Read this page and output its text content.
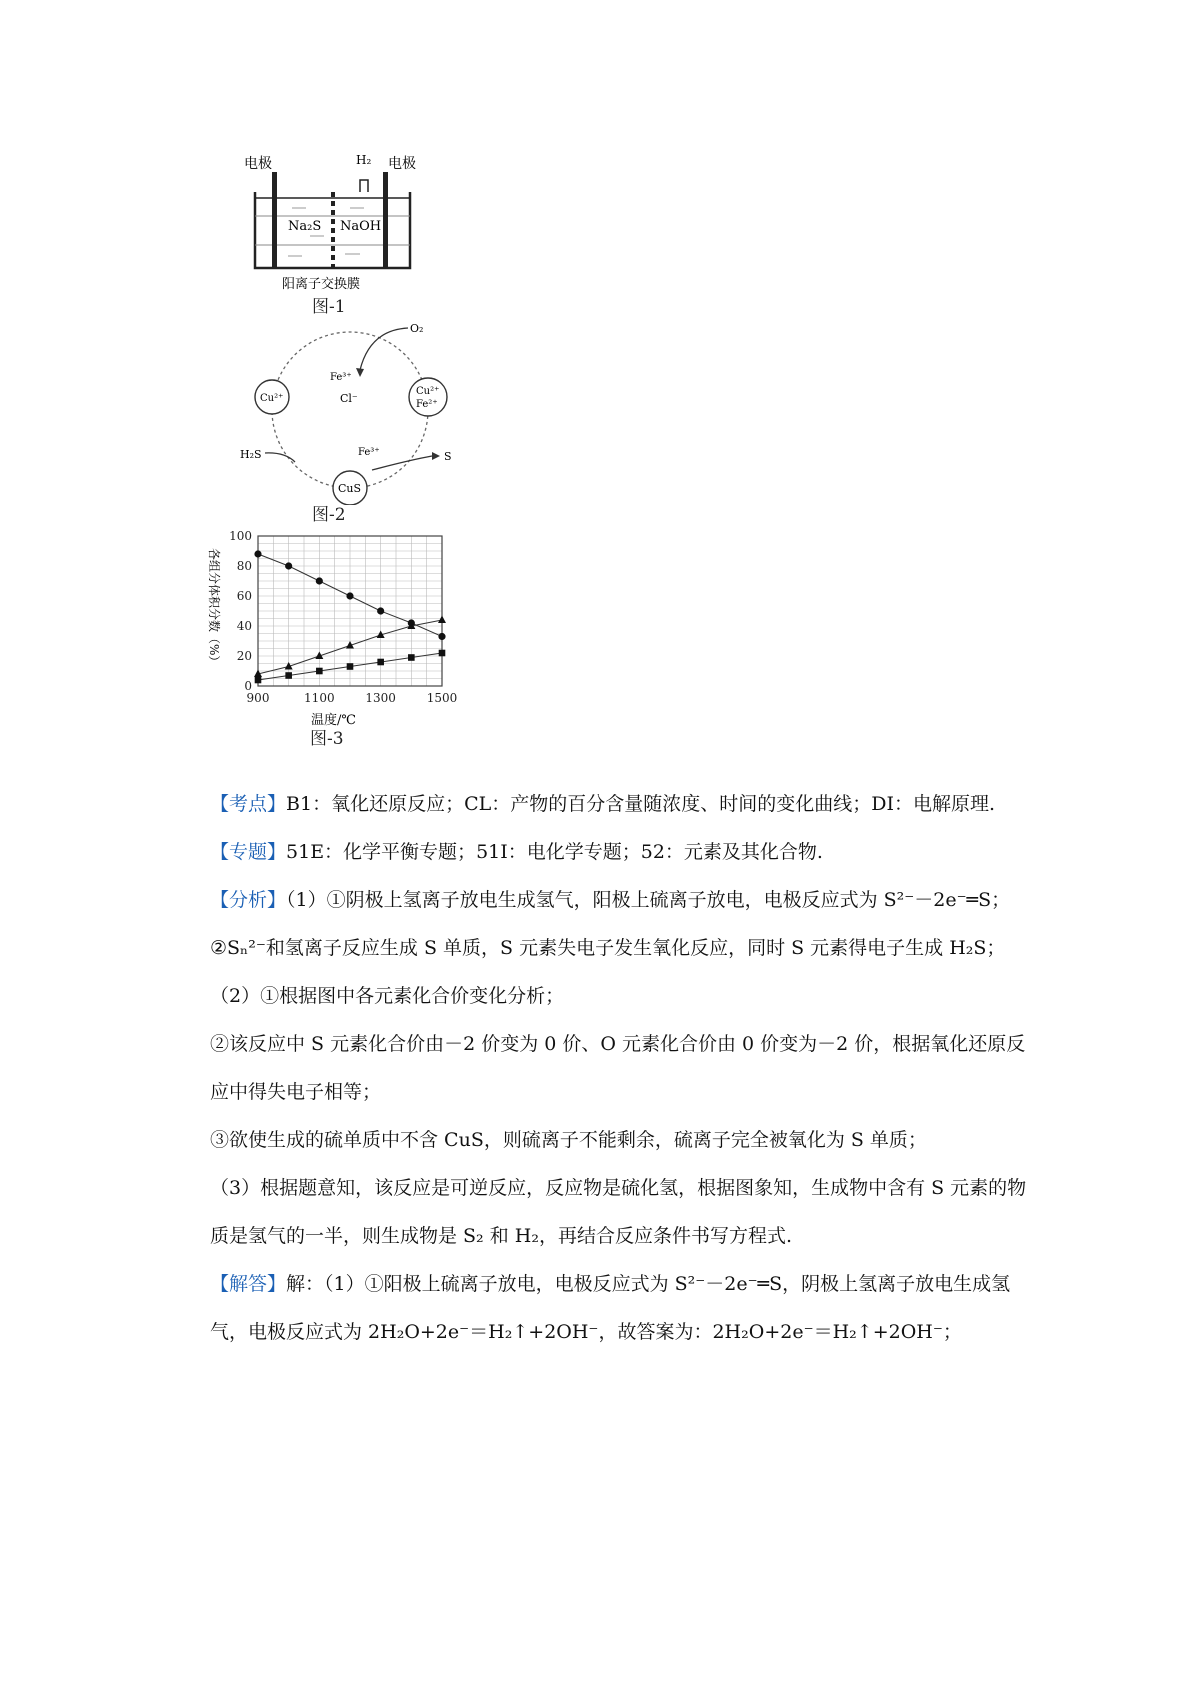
电极	H₂ 电极
Na₂S NaOH
阳离子交换膜
图-1
Cu²⁺
Cu²⁺
Fe²⁺
CuS
O₂
Fe³⁺
Cl⁻
H₂S	Fe³⁺	S
图-2
各组分体积分数（%）
0
20
40
60
80
100
900	1100	1300	1500
温度/℃
图-3

【考点】B1：氧化还原反应；CL：产物的百分含量随浓度、时间的变化曲线；DI：电解原理.

【专题】51E：化学平衡专题；51I：电化学专题；52：元素及其化合物.

【分析】（1）①阴极上氢离子放电生成氢气，阳极上硫离子放电，电极反应式为 S²⁻－2e⁻═S；

②Sₙ²⁻和氢离子反应生成 S 单质，S 元素失电子发生氧化反应，同时 S 元素得电子生成 H₂S；

（2）①根据图中各元素化合价变化分析；

②该反应中 S 元素化合价由－2 价变为 0 价、O 元素化合价由 0 价变为－2 价，根据氧化还原反应中得失电子相等；

③欲使生成的硫单质中不含 CuS，则硫离子不能剩余，硫离子完全被氧化为 S 单质；

（3）根据题意知，该反应是可逆反应，反应物是硫化氢，根据图象知，生成物中含有 S 元素的物质是氢气的一半，则生成物是 S₂ 和 H₂，再结合反应条件书写方程式.

【解答】解：（1）①阳极上硫离子放电，电极反应式为 S²⁻－2e⁻═S，阴极上氢离子放电生成氢气，电极反应式为 2H₂O+2e⁻＝H₂↑+2OH⁻，故答案为：2H₂O+2e⁻＝H₂↑+2OH⁻；
